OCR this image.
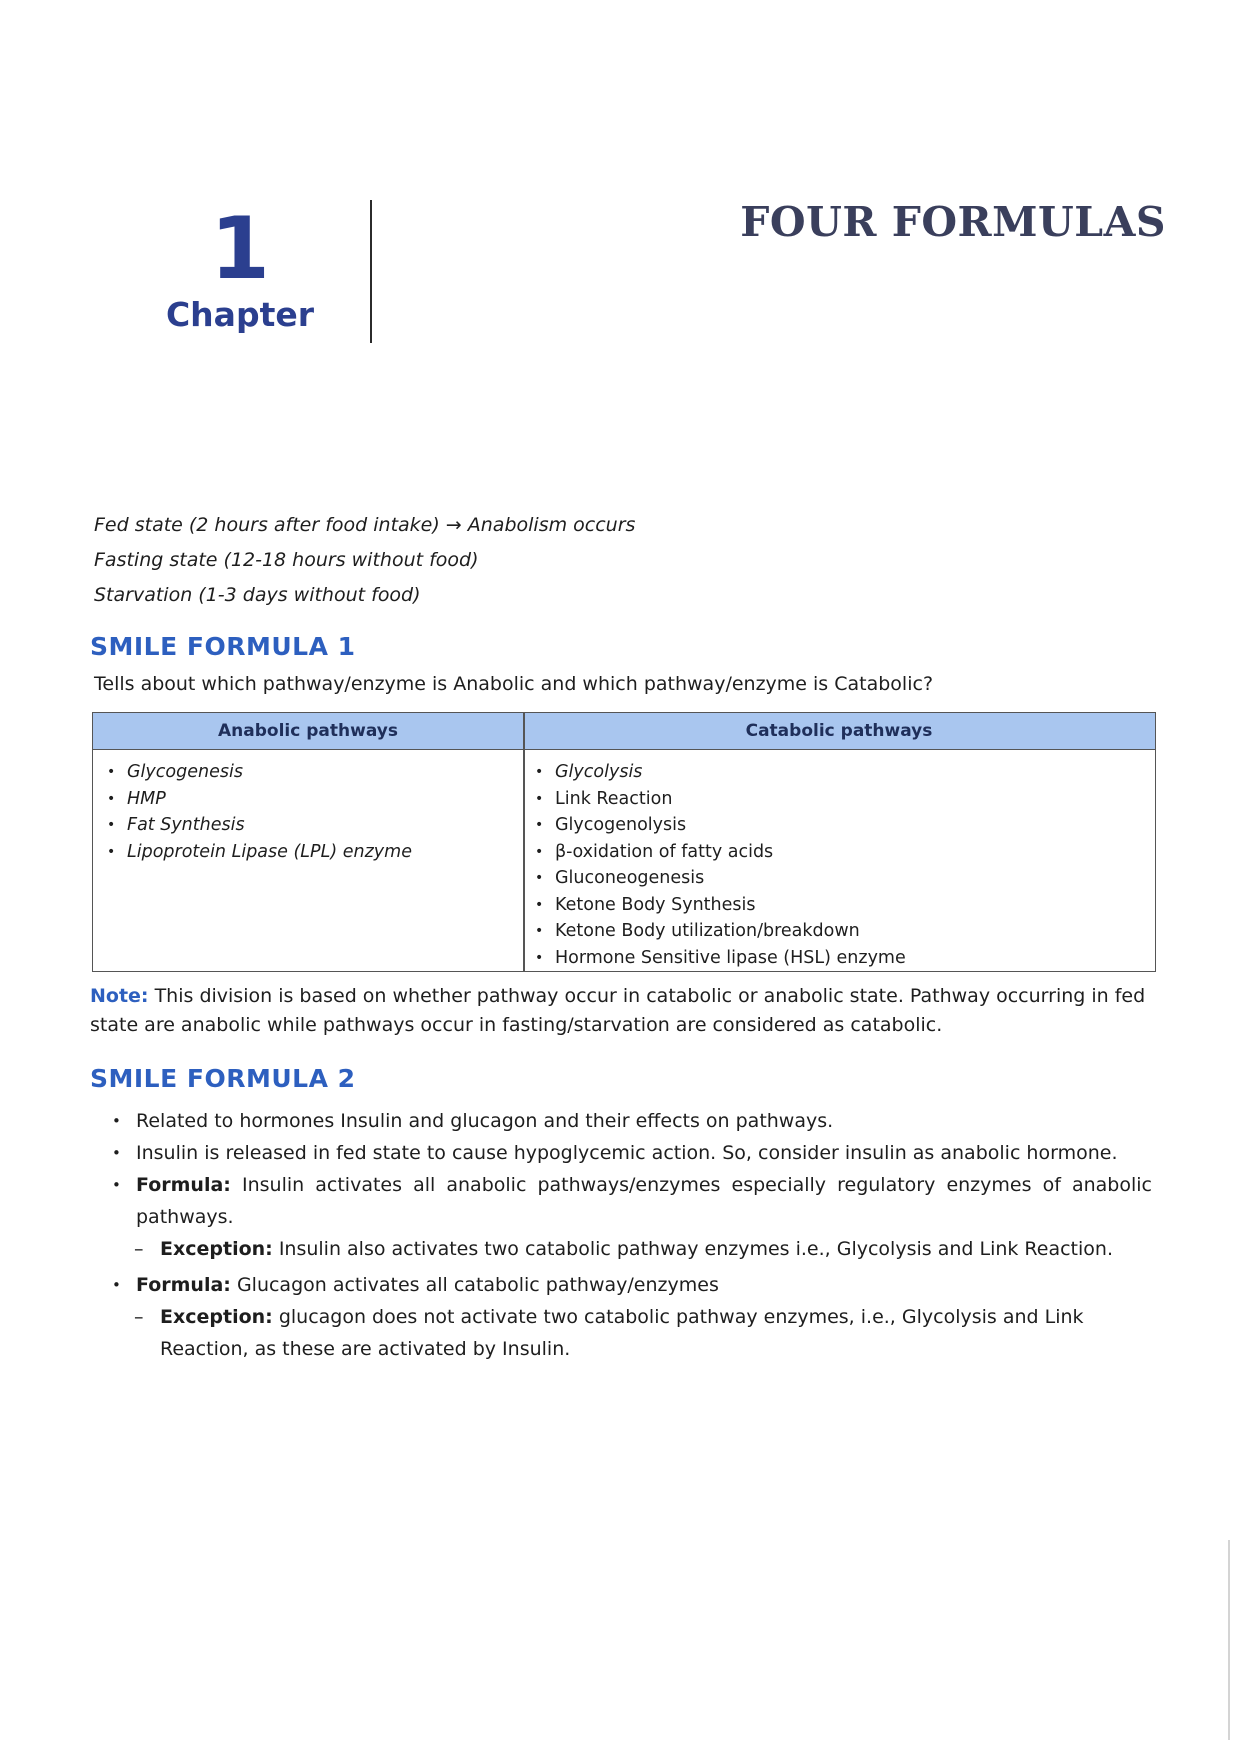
1
Chapter
FOUR FORMULAS
Fed state (2 hours after food intake) → Anabolism occurs
Fasting state (12-18 hours without food)
Starvation (1-3 days without food)
SMILE FORMULA 1
Tells about which pathway/enzyme is Anabolic and which pathway/enzyme is Catabolic?
Anabolic pathways	Catabolic pathways
• Glycogenesis
• HMP
• Fat Synthesis
• Lipoprotein Lipase (LPL) enzyme
• Glycolysis
• Link Reaction
• Glycogenolysis
• β-oxidation of fatty acids
• Gluconeogenesis
• Ketone Body Synthesis
• Ketone Body utilization/breakdown
• Hormone Sensitive lipase (HSL) enzyme
Note: This division is based on whether pathway occur in catabolic or anabolic state. Pathway occurring in fed state are anabolic while pathways occur in fasting/starvation are considered as catabolic.
SMILE FORMULA 2
• Related to hormones Insulin and glucagon and their effects on pathways.
• Insulin is released in fed state to cause hypoglycemic action. So, consider insulin as anabolic hormone.
• Formula: Insulin activates all anabolic pathways/enzymes especially regulatory enzymes of anabolic pathways.
– Exception: Insulin also activates two catabolic pathway enzymes i.e., Glycolysis and Link Reaction.
• Formula: Glucagon activates all catabolic pathway/enzymes
– Exception: glucagon does not activate two catabolic pathway enzymes, i.e., Glycolysis and Link Reaction, as these are activated by Insulin.
